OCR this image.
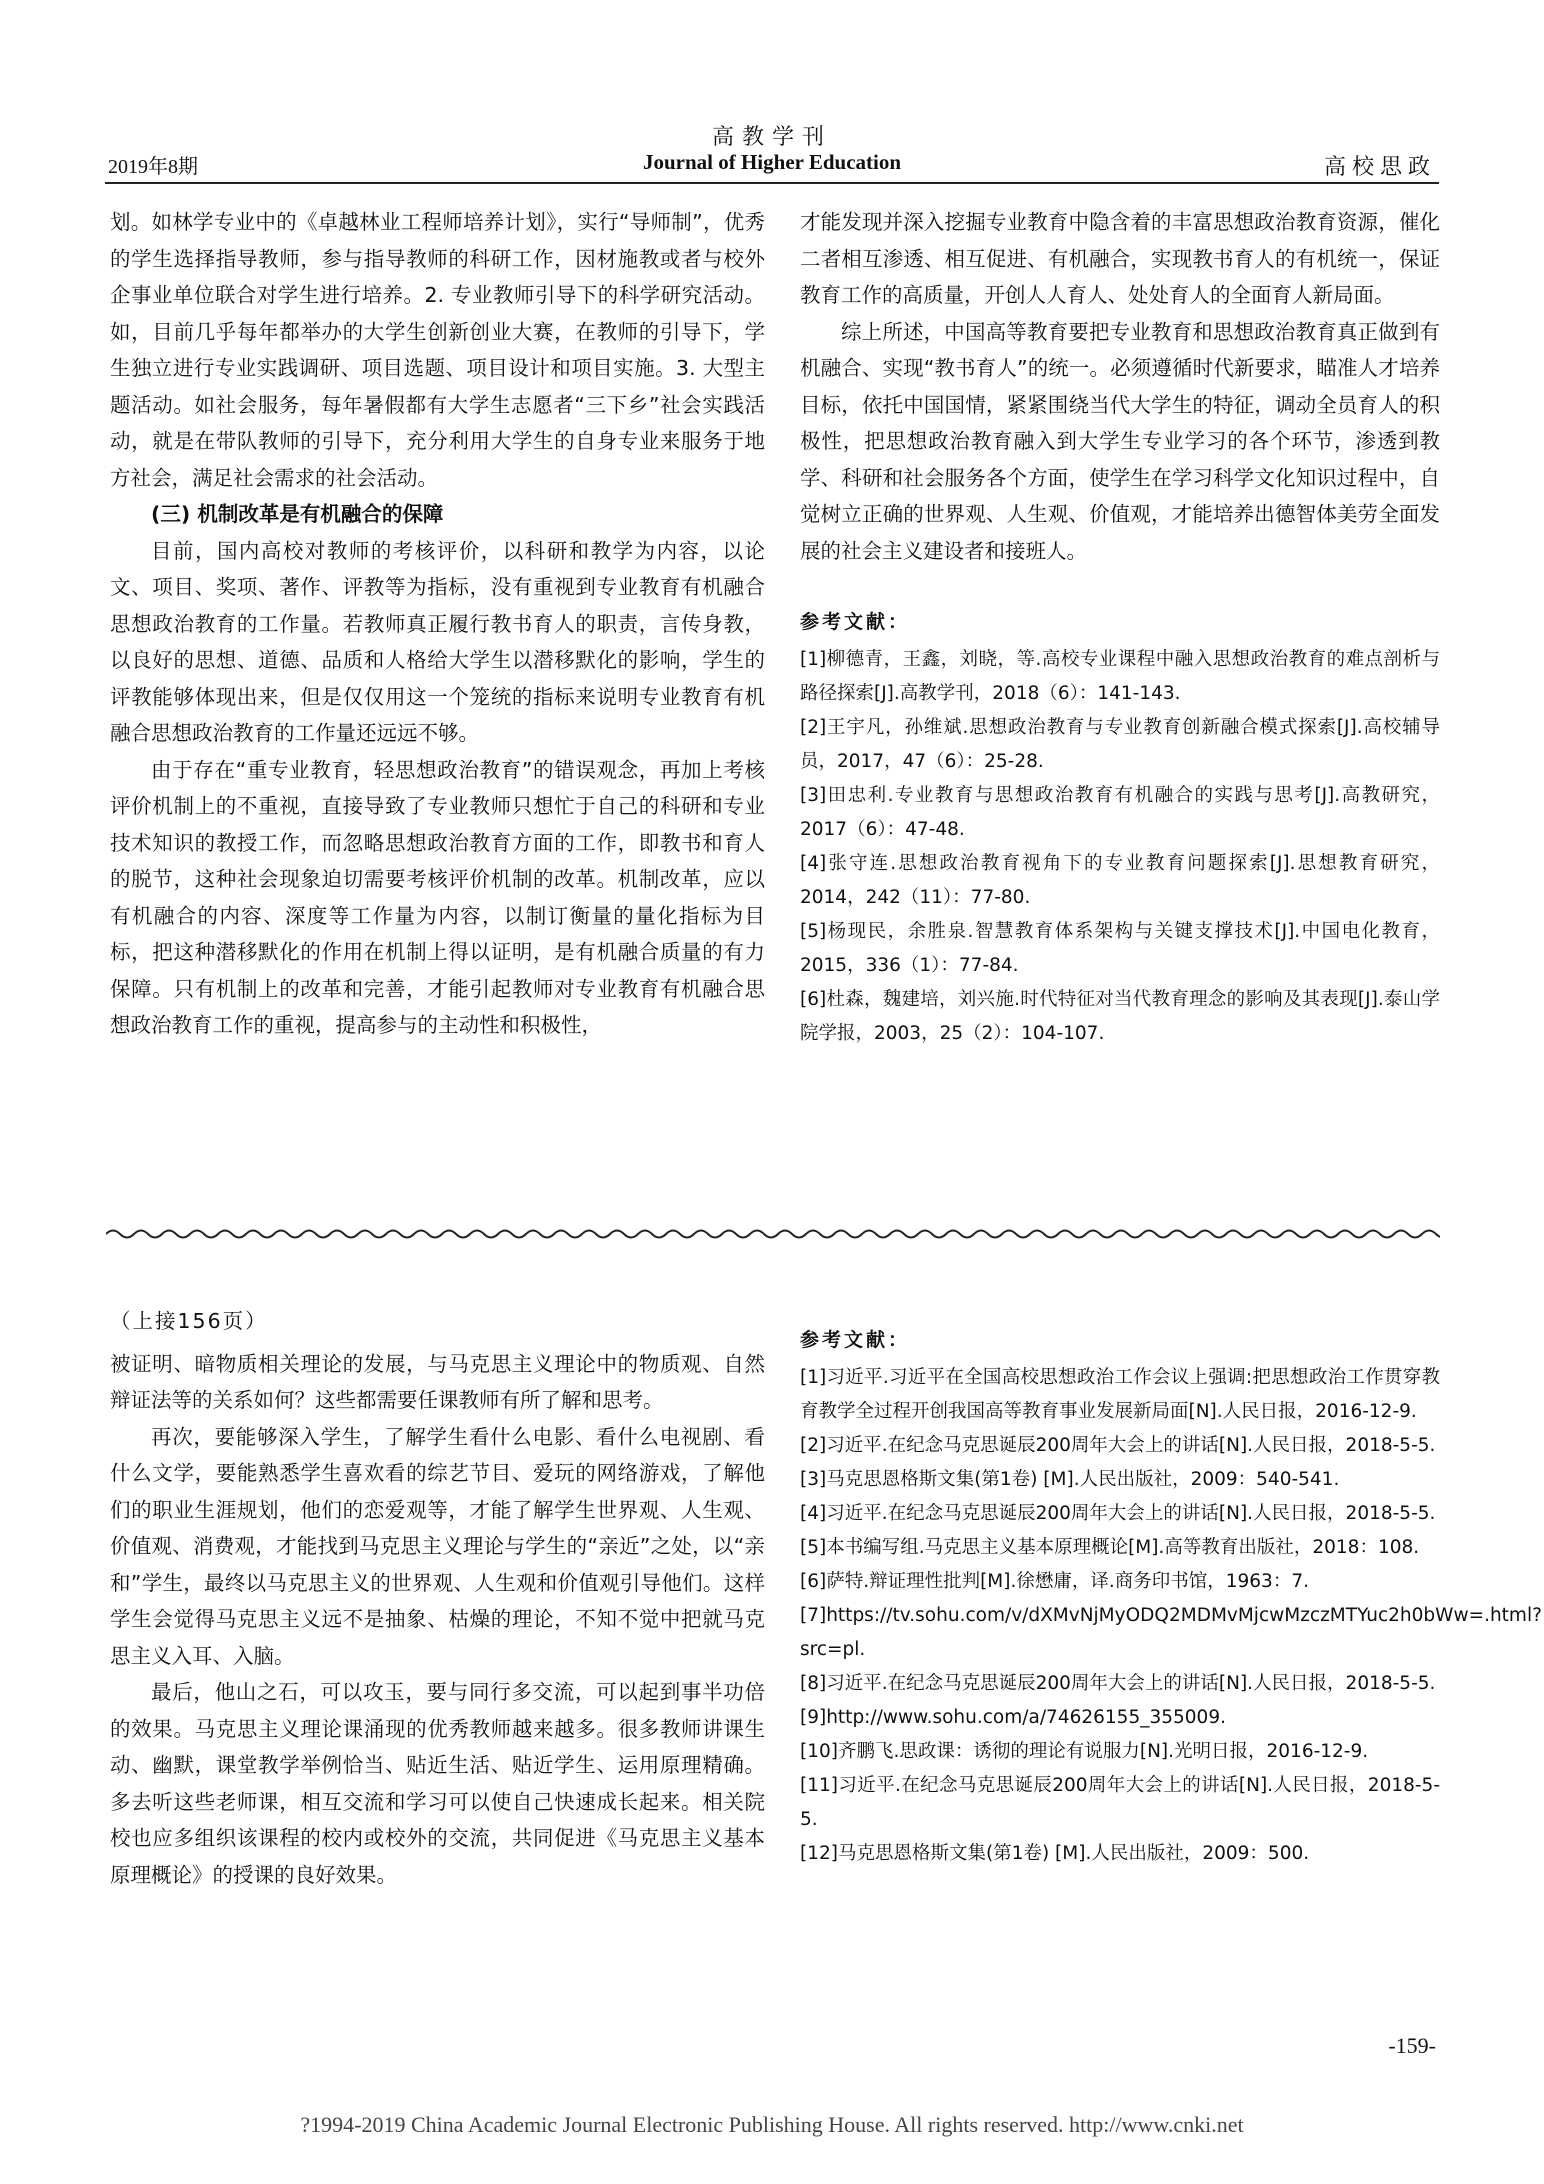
高教学刊
2019年8期	Journal of Higher Education	高校思政

划。如林学专业中的《卓越林业工程师培养计划》，实行“导师制”，优秀的学生选择指导教师，参与指导教师的科研工作，因材施教或者与校外企事业单位联合对学生进行培养。2. 专业教师引导下的科学研究活动。如，目前几乎每年都举办的大学生创新创业大赛，在教师的引导下，学生独立进行专业实践调研、项目选题、项目设计和项目实施。3. 大型主题活动。如社会服务，每年暑假都有大学生志愿者“三下乡”社会实践活动，就是在带队教师的引导下，充分利用大学生的自身专业来服务于地方社会，满足社会需求的社会活动。

(三) 机制改革是有机融合的保障

目前，国内高校对教师的考核评价，以科研和教学为内容，以论文、项目、奖项、著作、评教等为指标，没有重视到专业教育有机融合思想政治教育的工作量。若教师真正履行教书育人的职责，言传身教，以良好的思想、道德、品质和人格给大学生以潜移默化的影响，学生的评教能够体现出来，但是仅仅用这一个笼统的指标来说明专业教育有机融合思想政治教育的工作量还远远不够。

由于存在“重专业教育，轻思想政治教育”的错误观念，再加上考核评价机制上的不重视，直接导致了专业教师只想忙于自己的科研和专业技术知识的教授工作，而忽略思想政治教育方面的工作，即教书和育人的脱节，这种社会现象迫切需要考核评价机制的改革。机制改革，应以有机融合的内容、深度等工作量为内容，以制订衡量的量化指标为目标，把这种潜移默化的作用在机制上得以证明，是有机融合质量的有力保障。只有机制上的改革和完善，才能引起教师对专业教育有机融合思想政治教育工作的重视，提高参与的主动性和积极性，

才能发现并深入挖掘专业教育中隐含着的丰富思想政治教育资源，催化二者相互渗透、相互促进、有机融合，实现教书育人的有机统一，保证教育工作的高质量，开创人人育人、处处育人的全面育人新局面。

综上所述，中国高等教育要把专业教育和思想政治教育真正做到有机融合、实现“教书育人”的统一。必须遵循时代新要求，瞄准人才培养目标，依托中国国情，紧紧围绕当代大学生的特征，调动全员育人的积极性，把思想政治教育融入到大学生专业学习的各个环节，渗透到教学、科研和社会服务各个方面，使学生在学习科学文化知识过程中，自觉树立正确的世界观、人生观、价值观，才能培养出德智体美劳全面发展的社会主义建设者和接班人。

参考文献：

[1]柳德青，王鑫，刘晓，等.高校专业课程中融入思想政治教育的难点剖析与路径探索[J].高教学刊，2018（6）：141-143.

[2]王宇凡，孙维斌.思想政治教育与专业教育创新融合模式探索[J].高校辅导员，2017，47（6）：25-28.

[3]田忠利.专业教育与思想政治教育有机融合的实践与思考[J].高教研究，2017（6）：47-48.

[4]张守连.思想政治教育视角下的专业教育问题探索[J].思想教育研究，2014，242（11）：77-80.

[5]杨现民，余胜泉.智慧教育体系架构与关键支撑技术[J].中国电化教育，2015，336（1）：77-84.

[6]杜森，魏建培，刘兴施.时代特征对当代教育理念的影响及其表现[J].泰山学院学报，2003，25（2）：104-107.

（上接156页）

被证明、暗物质相关理论的发展，与马克思主义理论中的物质观、自然辩证法等的关系如何？这些都需要任课教师有所了解和思考。

再次，要能够深入学生，了解学生看什么电影、看什么电视剧、看什么文学，要能熟悉学生喜欢看的综艺节目、爱玩的网络游戏，了解他们的职业生涯规划，他们的恋爱观等，才能了解学生世界观、人生观、价值观、消费观，才能找到马克思主义理论与学生的“亲近”之处，以“亲和”学生，最终以马克思主义的世界观、人生观和价值观引导他们。这样学生会觉得马克思主义远不是抽象、枯燥的理论，不知不觉中把就马克思主义入耳、入脑。

最后，他山之石，可以攻玉，要与同行多交流，可以起到事半功倍的效果。马克思主义理论课涌现的优秀教师越来越多。很多教师讲课生动、幽默，课堂教学举例恰当、贴近生活、贴近学生、运用原理精确。多去听这些老师课，相互交流和学习可以使自己快速成长起来。相关院校也应多组织该课程的校内或校外的交流，共同促进《马克思主义基本原理概论》的授课的良好效果。

参考文献：

[1]习近平.习近平在全国高校思想政治工作会议上强调:把思想政治工作贯穿教育教学全过程开创我国高等教育事业发展新局面[N].人民日报，2016-12-9.

[2]习近平.在纪念马克思诞辰200周年大会上的讲话[N].人民日报，2018-5-5.

[3]马克思恩格斯文集(第1卷) [M].人民出版社，2009：540-541.

[4]习近平.在纪念马克思诞辰200周年大会上的讲话[N].人民日报，2018-5-5.

[5]本书编写组.马克思主义基本原理概论[M].高等教育出版社，2018：108.

[6]萨特.辩证理性批判[M].徐懋庸，译.商务印书馆，1963：7.

[7]https://tv.sohu.com/v/dXMvNjMyODQ2MDMvMjcwMzczMTYuc2h0bWw=.html?src=pl.

[8]习近平.在纪念马克思诞辰200周年大会上的讲话[N].人民日报，2018-5-5.

[9]http://www.sohu.com/a/74626155_355009.

[10]齐鹏飞.思政课：诱彻的理论有说服力[N].光明日报，2016-12-9.

[11]习近平.在纪念马克思诞辰200周年大会上的讲话[N].人民日报，2018-5-5.

[12]马克思恩格斯文集(第1卷) [M].人民出版社，2009：500.

-159-
?1994-2019 China Academic Journal Electronic Publishing House. All rights reserved. http://www.cnki.net
